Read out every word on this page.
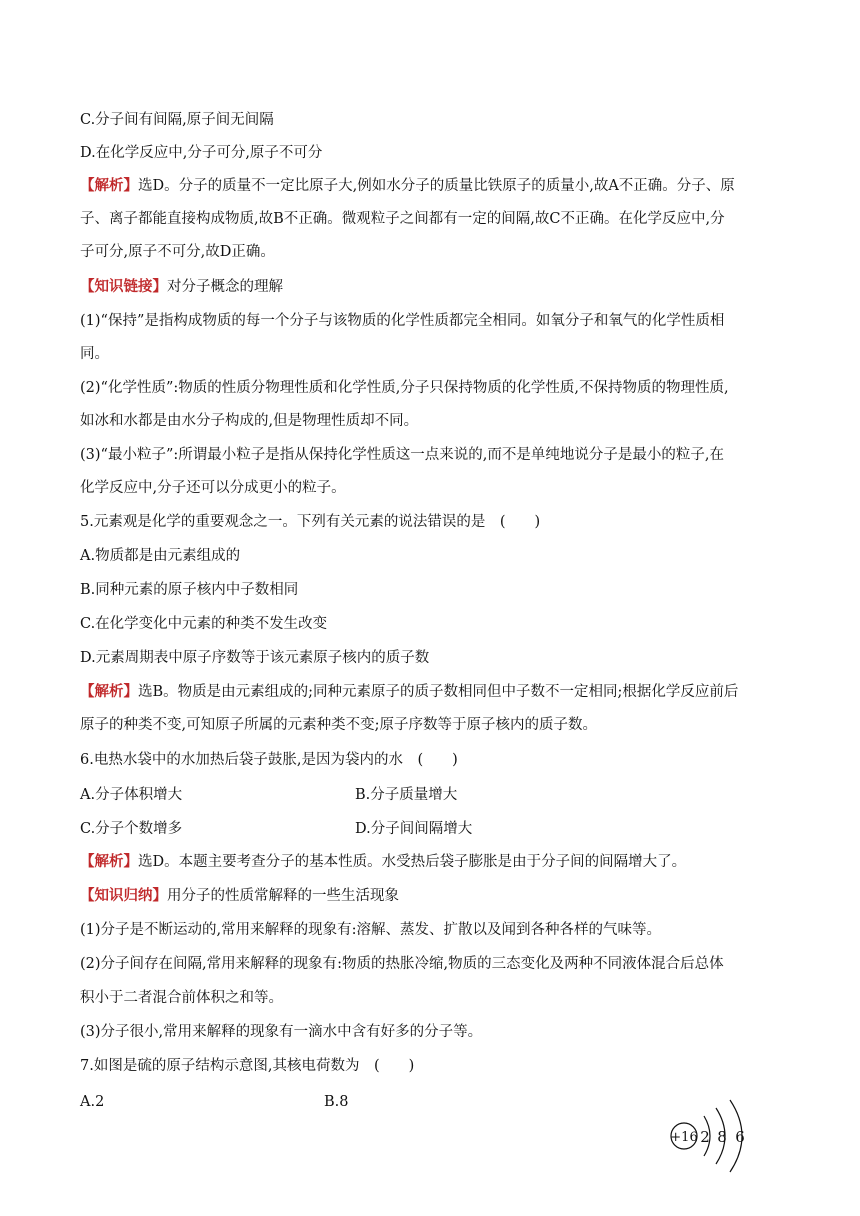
C.分子间有间隔,原子间无间隔
D.在化学反应中,分子可分,原子不可分
【解析】选D。分子的质量不一定比原子大,例如水分子的质量比铁原子的质量小,故A不正确。分子、原
子、离子都能直接构成物质,故B不正确。微观粒子之间都有一定的间隔,故C不正确。在化学反应中,分
子可分,原子不可分,故D正确。
【知识链接】对分子概念的理解
(1)“保持”是指构成物质的每一个分子与该物质的化学性质都完全相同。如氧分子和氧气的化学性质相
同。
(2)“化学性质”:物质的性质分物理性质和化学性质,分子只保持物质的化学性质,不保持物质的物理性质,
如冰和水都是由水分子构成的,但是物理性质却不同。
(3)“最小粒子”:所谓最小粒子是指从保持化学性质这一点来说的,而不是单纯地说分子是最小的粒子,在
化学反应中,分子还可以分成更小的粒子。
5.元素观是化学的重要观念之一。下列有关元素的说法错误的是　(　　)
A.物质都是由元素组成的
B.同种元素的原子核内中子数相同
C.在化学变化中元素的种类不发生改变
D.元素周期表中原子序数等于该元素原子核内的质子数
【解析】选B。物质是由元素组成的;同种元素原子的质子数相同但中子数不一定相同;根据化学反应前后
原子的种类不变,可知原子所属的元素种类不变;原子序数等于原子核内的质子数。
6.电热水袋中的水加热后袋子鼓胀,是因为袋内的水　(　　)
A.分子体积增大	B.分子质量增大
C.分子个数增多	D.分子间间隔增大
【解析】选D。本题主要考查分子的基本性质。水受热后袋子膨胀是由于分子间的间隔增大了。
【知识归纳】用分子的性质常解释的一些生活现象
(1)分子是不断运动的,常用来解释的现象有:溶解、蒸发、扩散以及闻到各种各样的气味等。
(2)分子间存在间隔,常用来解释的现象有:物质的热胀冷缩,物质的三态变化及两种不同液体混合后总体
积小于二者混合前体积之和等。
(3)分子很小,常用来解释的现象有一滴水中含有好多的分子等。
7.如图是硫的原子结构示意图,其核电荷数为　(　　)
A.2	B.8
+16 2 8 6
